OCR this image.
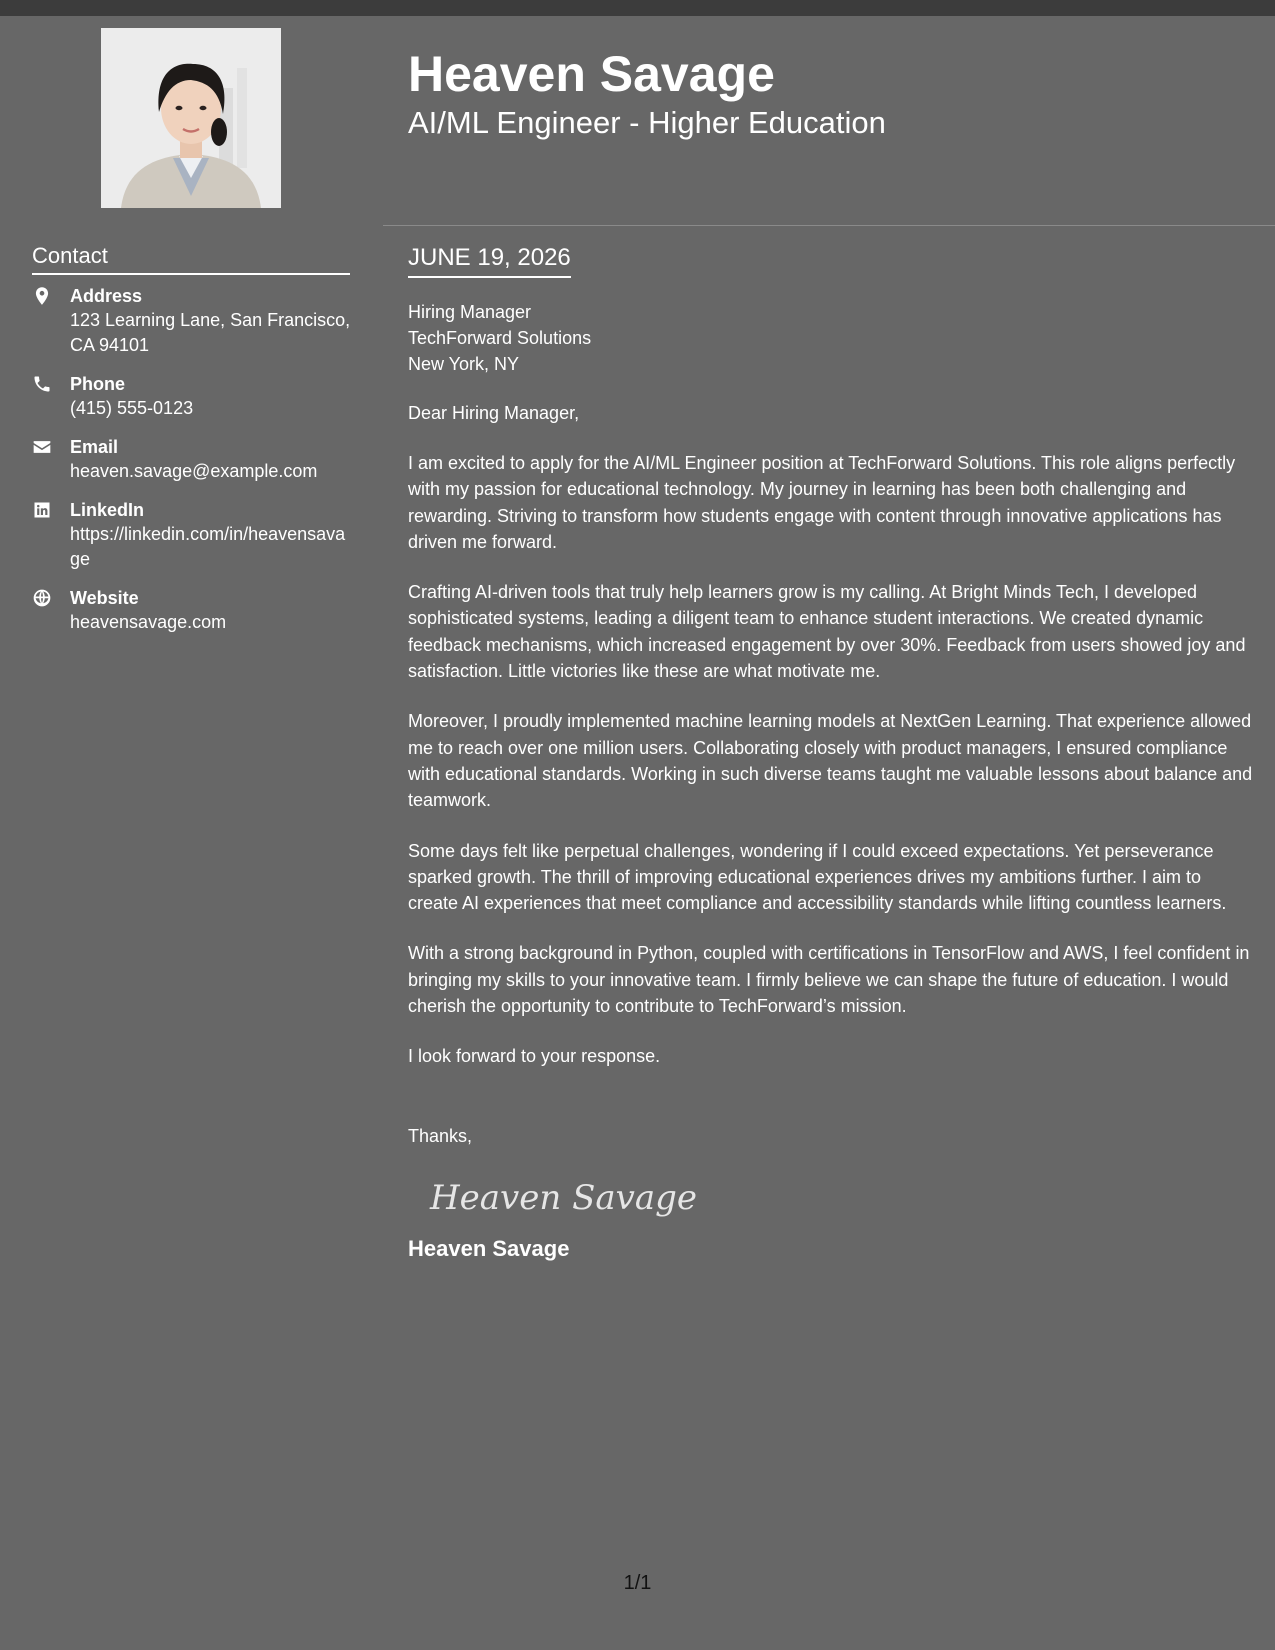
Contact
Address
123 Learning Lane, San Francisco, CA 94101
Phone
(415) 555-0123
Email
heaven.savage@example.com
LinkedIn
https://linkedin.com/in/heavensavage
Website
heavensavage.com
Heaven Savage
AI/ML Engineer - Higher Education
JUNE 19, 2026
Hiring Manager
TechForward Solutions
New York, NY
Dear Hiring Manager,
I am excited to apply for the AI/ML Engineer position at TechForward Solutions. This role aligns perfectly with my passion for educational technology. My journey in learning has been both challenging and rewarding. Striving to transform how students engage with content through innovative applications has driven me forward.
Crafting AI-driven tools that truly help learners grow is my calling. At Bright Minds Tech, I developed sophisticated systems, leading a diligent team to enhance student interactions. We created dynamic feedback mechanisms, which increased engagement by over 30%. Feedback from users showed joy and satisfaction. Little victories like these are what motivate me.
Moreover, I proudly implemented machine learning models at NextGen Learning. That experience allowed me to reach over one million users. Collaborating closely with product managers, I ensured compliance with educational standards. Working in such diverse teams taught me valuable lessons about balance and teamwork.
Some days felt like perpetual challenges, wondering if I could exceed expectations. Yet perseverance sparked growth. The thrill of improving educational experiences drives my ambitions further. I aim to create AI experiences that meet compliance and accessibility standards while lifting countless learners.
With a strong background in Python, coupled with certifications in TensorFlow and AWS, I feel confident in bringing my skills to your innovative team. I firmly believe we can shape the future of education. I would cherish the opportunity to contribute to TechForward’s mission.
I look forward to your response.
Thanks,
Heaven Savage
Heaven Savage
1/1
